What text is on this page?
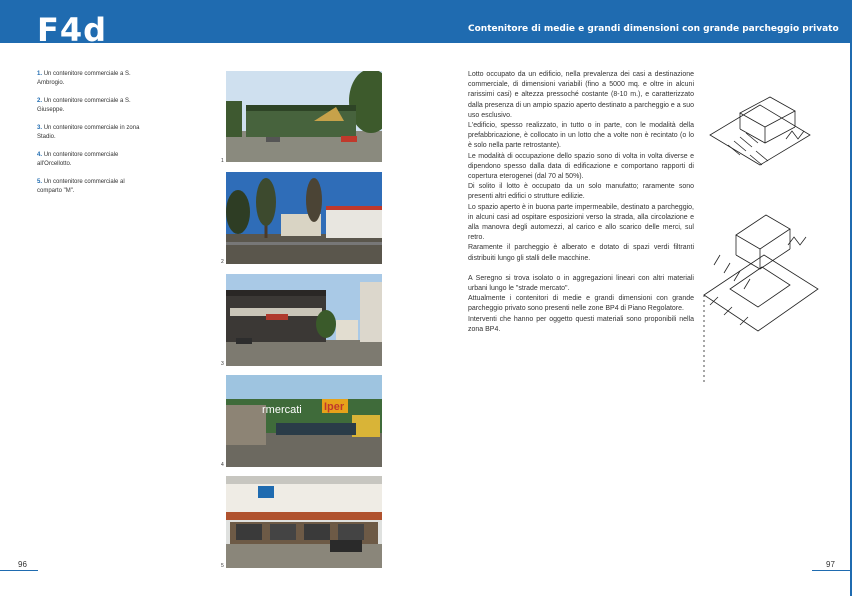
F4d	Contenitore di medie e grandi dimensioni con grande parcheggio privato
1. Un contenitore commerciale a S. Ambrogio.
2. Un contenitore commerciale a S. Giuseppe.
3. Un contenitore commerciale in zona Stadio.
4. Un contenitore commerciale all'Orcellotto.
5. Un contenitore commerciale al comparto "M".
1
2
3
rmercati Iper
4
5

Lotto occupato da un edificio, nella prevalenza dei casi a destinazione commerciale, di dimensioni variabili (fino a 5000 mq. e oltre in alcuni rarissimi casi) e altezza pressoché costante (8-10 m.), e caratterizzato dalla presenza di un ampio spazio aperto destinato a parcheggio e a suo uso esclusivo.

L'edificio, spesso realizzato, in tutto o in parte, con le modalità della prefabbricazione, è collocato in un lotto che a volte non è recintato (o lo è solo nella parte retrostante).

Le modalità di occupazione dello spazio sono di volta in volta diverse e dipendono spesso dalla data di edificazione e comportano rapporti di copertura eterogenei (dal 70 al 50%).

Di solito il lotto è occupato da un solo manufatto; raramente sono presenti altri edifici o strutture edilizie.

Lo spazio aperto è in buona parte impermeabile, destinato a parcheggio, in alcuni casi ad ospitare esposizioni verso la strada, alla circolazione e alla manovra degli automezzi, al carico e allo scarico delle merci, sul retro.

Raramente il parcheggio è alberato e dotato di spazi verdi filtranti distribuiti lungo gli stalli delle macchine.

A Seregno si trova isolato o in aggregazioni lineari con altri materiali urbani lungo le "strade mercato".

Attualmente i contenitori di medie e grandi dimensioni con grande parcheggio privato sono presenti nelle zone BP4 di Piano Regolatore.

Interventi che hanno per oggetto questi materiali sono proponibili nella zona BP4.

96	97
